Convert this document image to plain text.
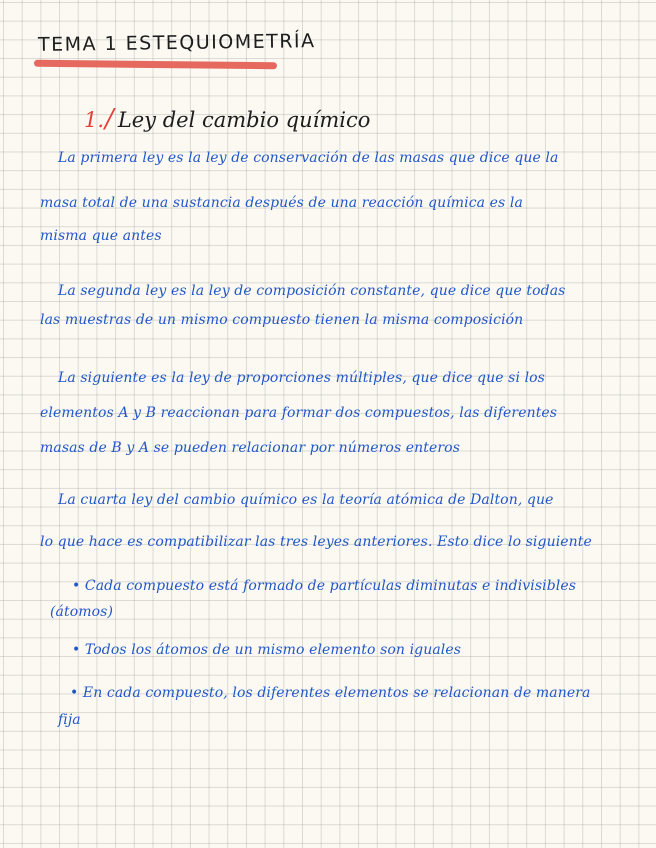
TEMA 1 ESTEQUIOMETRÍA
1. / Ley del cambio químico
La primera ley es la ley de conservación de las masas que dice que la
masa total de una sustancia después de una reacción química es la
misma que antes
La segunda ley es la ley de composición constante, que dice que todas
las muestras de un mismo compuesto tienen la misma composición
La siguiente es la ley de proporciones múltiples, que dice que si los
elementos A y B reaccionan para formar dos compuestos, las diferentes
masas de B y A se pueden relacionar por números enteros
La cuarta ley del cambio químico es la teoría atómica de Dalton, que
lo que hace es compatibilizar las tres leyes anteriores. Esto dice lo siguiente
• Cada compuesto está formado de partículas diminutas e indivisibles
(átomos)
• Todos los átomos de un mismo elemento son iguales
• En cada compuesto, los diferentes elementos se relacionan de manera
fija
